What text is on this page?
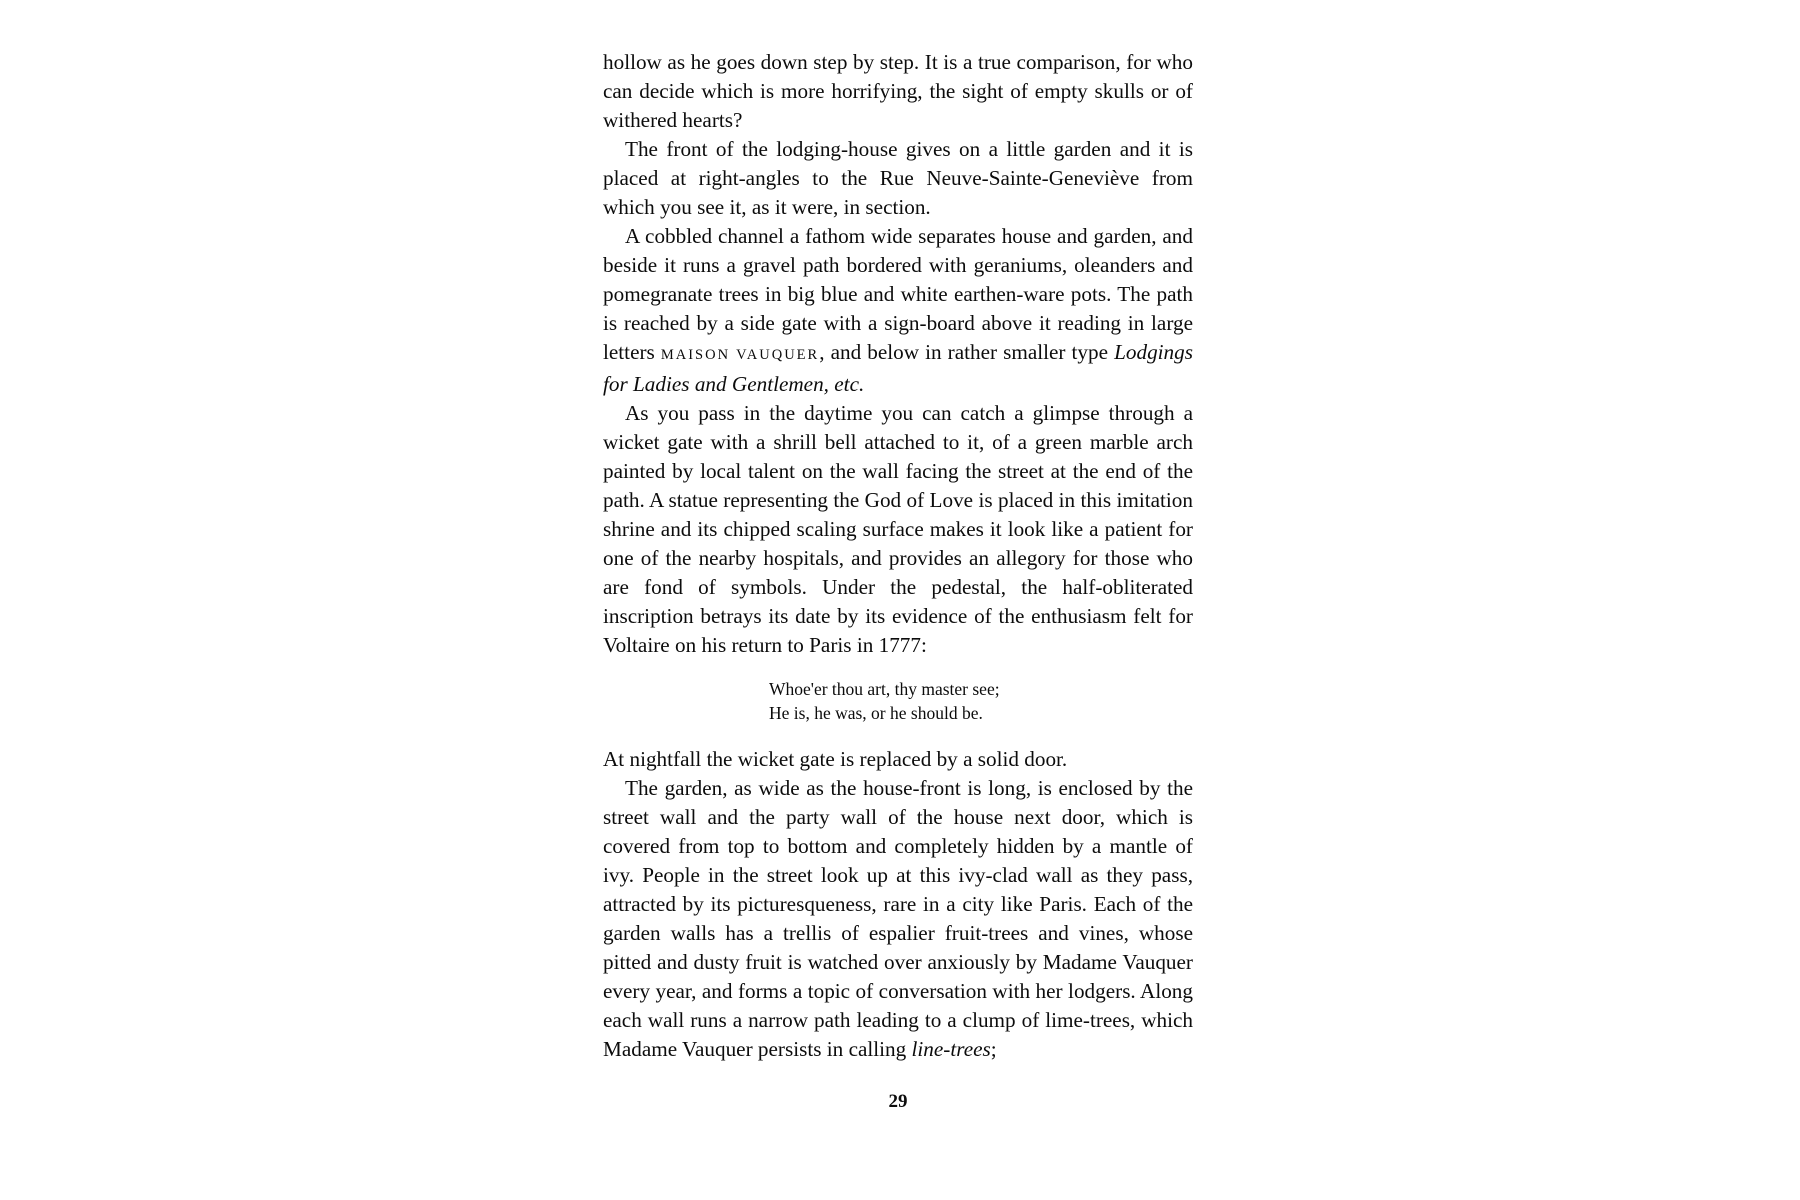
hollow as he goes down step by step. It is a true comparison, for who can decide which is more horrifying, the sight of empty skulls or of withered hearts?

The front of the lodging-house gives on a little garden and it is placed at right-angles to the Rue Neuve-Sainte-Geneviève from which you see it, as it were, in section.

A cobbled channel a fathom wide separates house and garden, and beside it runs a gravel path bordered with geraniums, oleanders and pomegranate trees in big blue and white earthen-ware pots. The path is reached by a side gate with a sign-board above it reading in large letters MAISON VAUQUER, and below in rather smaller type Lodgings for Ladies and Gentlemen, etc.

As you pass in the daytime you can catch a glimpse through a wicket gate with a shrill bell attached to it, of a green marble arch painted by local talent on the wall facing the street at the end of the path. A statue representing the God of Love is placed in this imitation shrine and its chipped scaling surface makes it look like a patient for one of the nearby hospitals, and provides an allegory for those who are fond of symbols. Under the pedestal, the half-obliterated inscription betrays its date by its evidence of the enthusiasm felt for Voltaire on his return to Paris in 1777:

Whoe'er thou art, thy master see;
He is, he was, or he should be.

At nightfall the wicket gate is replaced by a solid door.

The garden, as wide as the house-front is long, is enclosed by the street wall and the party wall of the house next door, which is covered from top to bottom and completely hidden by a mantle of ivy. People in the street look up at this ivy-clad wall as they pass, attracted by its picturesqueness, rare in a city like Paris. Each of the garden walls has a trellis of espalier fruit-trees and vines, whose pitted and dusty fruit is watched over anxiously by Madame Vauquer every year, and forms a topic of conversation with her lodgers. Along each wall runs a narrow path leading to a clump of lime-trees, which Madame Vauquer persists in calling line-trees;

29
